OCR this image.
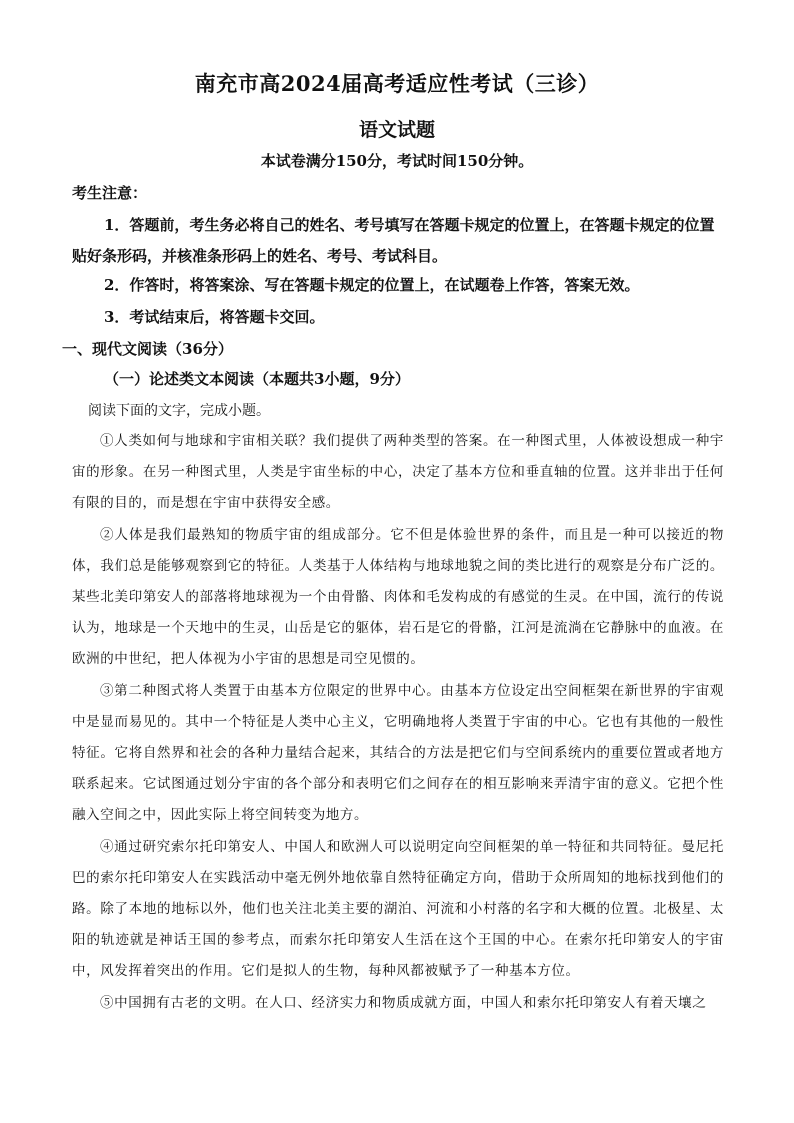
南充市高2024届高考适应性考试（三诊）
语文试题
本试卷满分150分，考试时间150分钟。
考生注意：
1．答题前，考生务必将自己的姓名、考号填写在答题卡规定的位置上，在答题卡规定的位置贴好条形码，并核准条形码上的姓名、考号、考试科目。
2．作答时，将答案涂、写在答题卡规定的位置上，在试题卷上作答，答案无效。
3．考试结束后，将答题卡交回。
一、现代文阅读（36分）
（一）论述类文本阅读（本题共3小题，9分）
阅读下面的文字，完成小题。
①人类如何与地球和宇宙相关联？我们提供了两种类型的答案。在一种图式里，人体被设想成一种宇宙的形象。在另一种图式里，人类是宇宙坐标的中心，决定了基本方位和垂直轴的位置。这并非出于任何有限的目的，而是想在宇宙中获得安全感。
②人体是我们最熟知的物质宇宙的组成部分。它不但是体验世界的条件，而且是一种可以接近的物体，我们总是能够观察到它的特征。人类基于人体结构与地球地貌之间的类比进行的观察是分布广泛的。某些北美印第安人的部落将地球视为一个由骨骼、肉体和毛发构成的有感觉的生灵。在中国，流行的传说认为，地球是一个天地中的生灵，山岳是它的躯体，岩石是它的骨骼，江河是流淌在它静脉中的血液。在欧洲的中世纪，把人体视为小宇宙的思想是司空见惯的。
③第二种图式将人类置于由基本方位限定的世界中心。由基本方位设定出空间框架在新世界的宇宙观中是显而易见的。其中一个特征是人类中心主义，它明确地将人类置于宇宙的中心。它也有其他的一般性特征。它将自然界和社会的各种力量结合起来，其结合的方法是把它们与空间系统内的重要位置或者地方联系起来。它试图通过划分宇宙的各个部分和表明它们之间存在的相互影响来弄清宇宙的意义。它把个性融入空间之中，因此实际上将空间转变为地方。
④通过研究索尔托印第安人、中国人和欧洲人可以说明定向空间框架的单一特征和共同特征。曼尼托巴的索尔托印第安人在实践活动中毫无例外地依靠自然特征确定方向，借助于众所周知的地标找到他们的路。除了本地的地标以外，他们也关注北美主要的湖泊、河流和小村落的名字和大概的位置。北极星、太阳的轨迹就是神话王国的参考点，而索尔托印第安人生活在这个王国的中心。在索尔托印第安人的宇宙中，风发挥着突出的作用。它们是拟人的生物，每种风都被赋予了一种基本方位。
⑤中国拥有古老的文明。在人口、经济实力和物质成就方面，中国人和索尔托印第安人有着天壤之
